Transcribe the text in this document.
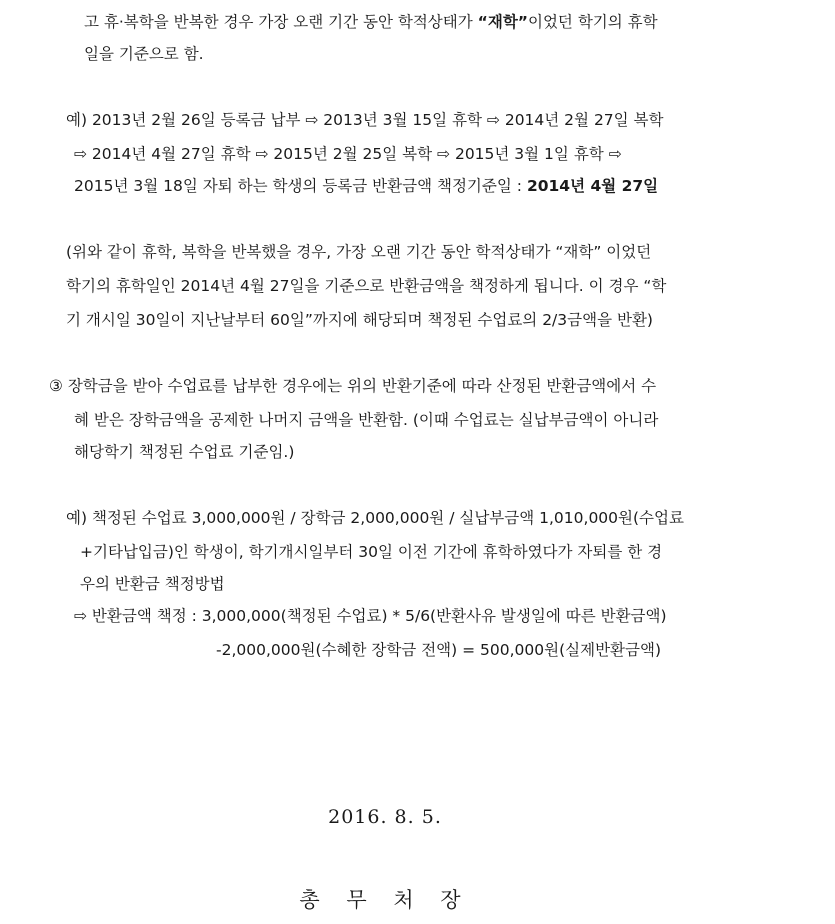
고 휴·복학을 반복한 경우 가장 오랜 기간 동안 학적상태가 “재학”이었던 학기의 휴학
일을 기준으로 함.
예) 2013년 2월 26일 등록금 납부 ⇨ 2013년 3월 15일 휴학 ⇨ 2014년 2월 27일 복학
⇨ 2014년 4월 27일 휴학 ⇨ 2015년 2월 25일 복학 ⇨ 2015년 3월 1일 휴학 ⇨
2015년 3월 18일 자퇴 하는 학생의 등록금 반환금액 책정기준일 : 2014년 4월 27일
(위와 같이 휴학, 복학을 반복했을 경우, 가장 오랜 기간 동안 학적상태가 “재학” 이었던
학기의 휴학일인 2014년 4월 27일을 기준으로 반환금액을 책정하게 됩니다. 이 경우 “학
기 개시일 30일이 지난날부터 60일”까지에 해당되며 책정된 수업료의 2/3금액을 반환)
③ 장학금을 받아 수업료를 납부한 경우에는 위의 반환기준에 따라 산정된 반환금액에서 수
혜 받은 장학금액을 공제한 나머지 금액을 반환함. (이때 수업료는 실납부금액이 아니라
해당학기 책정된 수업료 기준임.)
예) 책정된 수업료 3,000,000원 / 장학금 2,000,000원 / 실납부금액 1,010,000원(수업료
+기타납입금)인 학생이, 학기개시일부터 30일 이전 기간에 휴학하였다가 자퇴를 한 경
우의 반환금 책정방법
⇨ 반환금액 책정 : 3,000,000(책정된 수업료) * 5/6(반환사유 발생일에 따른 반환금액)
-2,000,000원(수혜한 장학금 전액) = 500,000원(실제반환금액)
2016. 8. 5.
총 무 처 장
